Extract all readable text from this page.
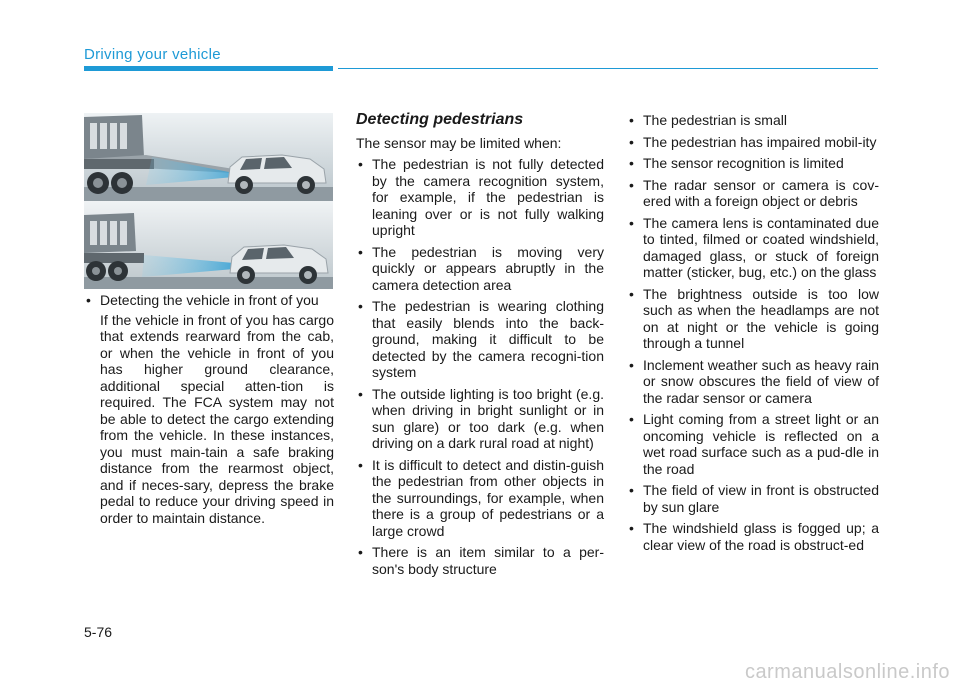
Driving your vehicle
• Detecting the vehicle in front of you

If the vehicle in front of you has cargo that extends rearward from the cab, or when the vehicle in front of you has higher ground clearance, additional special atten-tion is required. The FCA system may not be able to detect the cargo extending from the vehicle. In these instances, you must main-tain a safe braking distance from the rearmost object, and if neces-sary, depress the brake pedal to reduce your driving speed in order to maintain distance.

Detecting pedestrians

The sensor may be limited when:

• The pedestrian is not fully detected by the camera recognition system, for example, if the pedestrian is leaning over or is not fully walking upright
• The pedestrian is moving very quickly or appears abruptly in the camera detection area
• The pedestrian is wearing clothing that easily blends into the back-ground, making it difficult to be detected by the camera recogni-tion system
• The outside lighting is too bright (e.g. when driving in bright sunlight or in sun glare) or too dark (e.g. when driving on a dark rural road at night)
• It is difficult to detect and distin-guish the pedestrian from other objects in the surroundings, for example, when there is a group of pedestrians or a large crowd
• There is an item similar to a per-son's body structure
• The pedestrian is small
• The pedestrian has impaired mobil-ity
• The sensor recognition is limited
• The radar sensor or camera is cov-ered with a foreign object or debris
• The camera lens is contaminated due to tinted, filmed or coated windshield, damaged glass, or stuck of foreign matter (sticker, bug, etc.) on the glass
• The brightness outside is too low such as when the headlamps are not on at night or the vehicle is going through a tunnel
• Inclement weather such as heavy rain or snow obscures the field of view of the radar sensor or camera
• Light coming from a street light or an oncoming vehicle is reflected on a wet road surface such as a pud-dle in the road
• The field of view in front is obstructed by sun glare
• The windshield glass is fogged up; a clear view of the road is obstruct-ed
5-76
carmanualsonline.info
